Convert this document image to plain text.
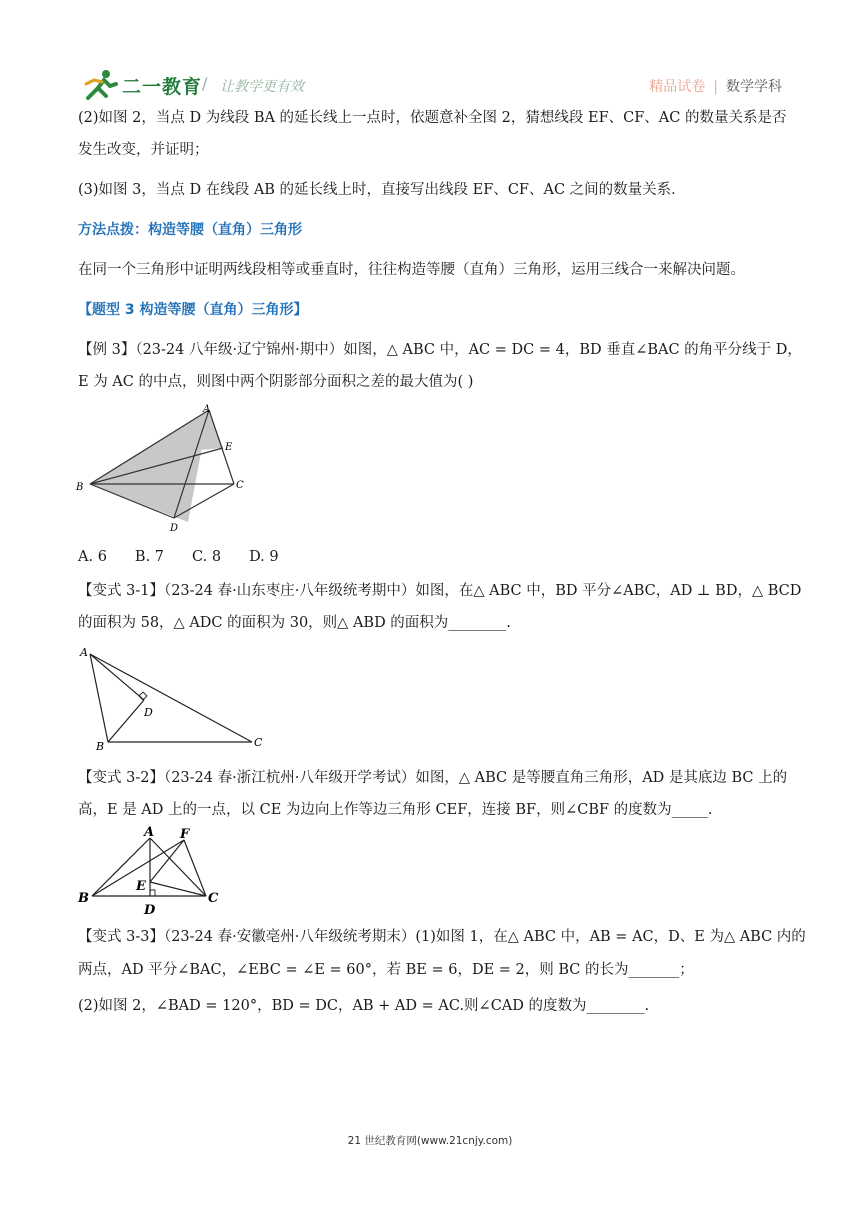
二一教育 / 让教学更有效	精品试卷 | 数学学科
(2)如图 2，当点 D 为线段 BA 的延长线上一点时，依题意补全图 2，猜想线段 EF、CF、AC 的数量关系是否
发生改变，并证明；
(3)如图 3，当点 D 在线段 AB 的延长线上时，直接写出线段 EF、CF、AC 之间的数量关系．
方法点拨：构造等腰（直角）三角形
在同一个三角形中证明两线段相等或垂直时，往往构造等腰（直角）三角形，运用三线合一来解决问题。
【题型 3 构造等腰（直角）三角形】
【例 3】（23-24 八年级·辽宁锦州·期中）如图，△ ABC 中，AC = DC = 4，BD 垂直∠BAC 的角平分线于 D，
E 为 AC 的中点，则图中两个阴影部分面积之差的最大值为( )
A
E
B	C
D
A. 6 B. 7 C. 8 D. 9
【变式 3-1】（23-24 春·山东枣庄·八年级统考期中）如图，在△ ABC 中，BD 平分∠ABC，AD ⊥ BD，△ BCD
的面积为 58，△ ADC 的面积为 30，则△ ABD 的面积为________.
A
D
B	C
【变式 3-2】（23-24 春·浙江杭州·八年级开学考试）如图，△ ABC 是等腰直角三角形，AD 是其底边 BC 上的
高，E 是 AD 上的一点，以 CE 为边向上作等边三角形 CEF，连接 BF，则∠CBF 的度数为_____.
A F
E
B	C
D
【变式 3-3】（23-24 春·安徽亳州·八年级统考期末）(1)如图 1，在△ ABC 中，AB = AC，D、E 为△ ABC 内的
两点，AD 平分∠BAC，∠EBC = ∠E = 60°，若 BE = 6，DE = 2，则 BC 的长为_______；
(2)如图 2，∠BAD = 120°，BD = DC，AB + AD = AC.则∠CAD 的度数为________.
21 世纪教育网(www.21cnjy.com)
